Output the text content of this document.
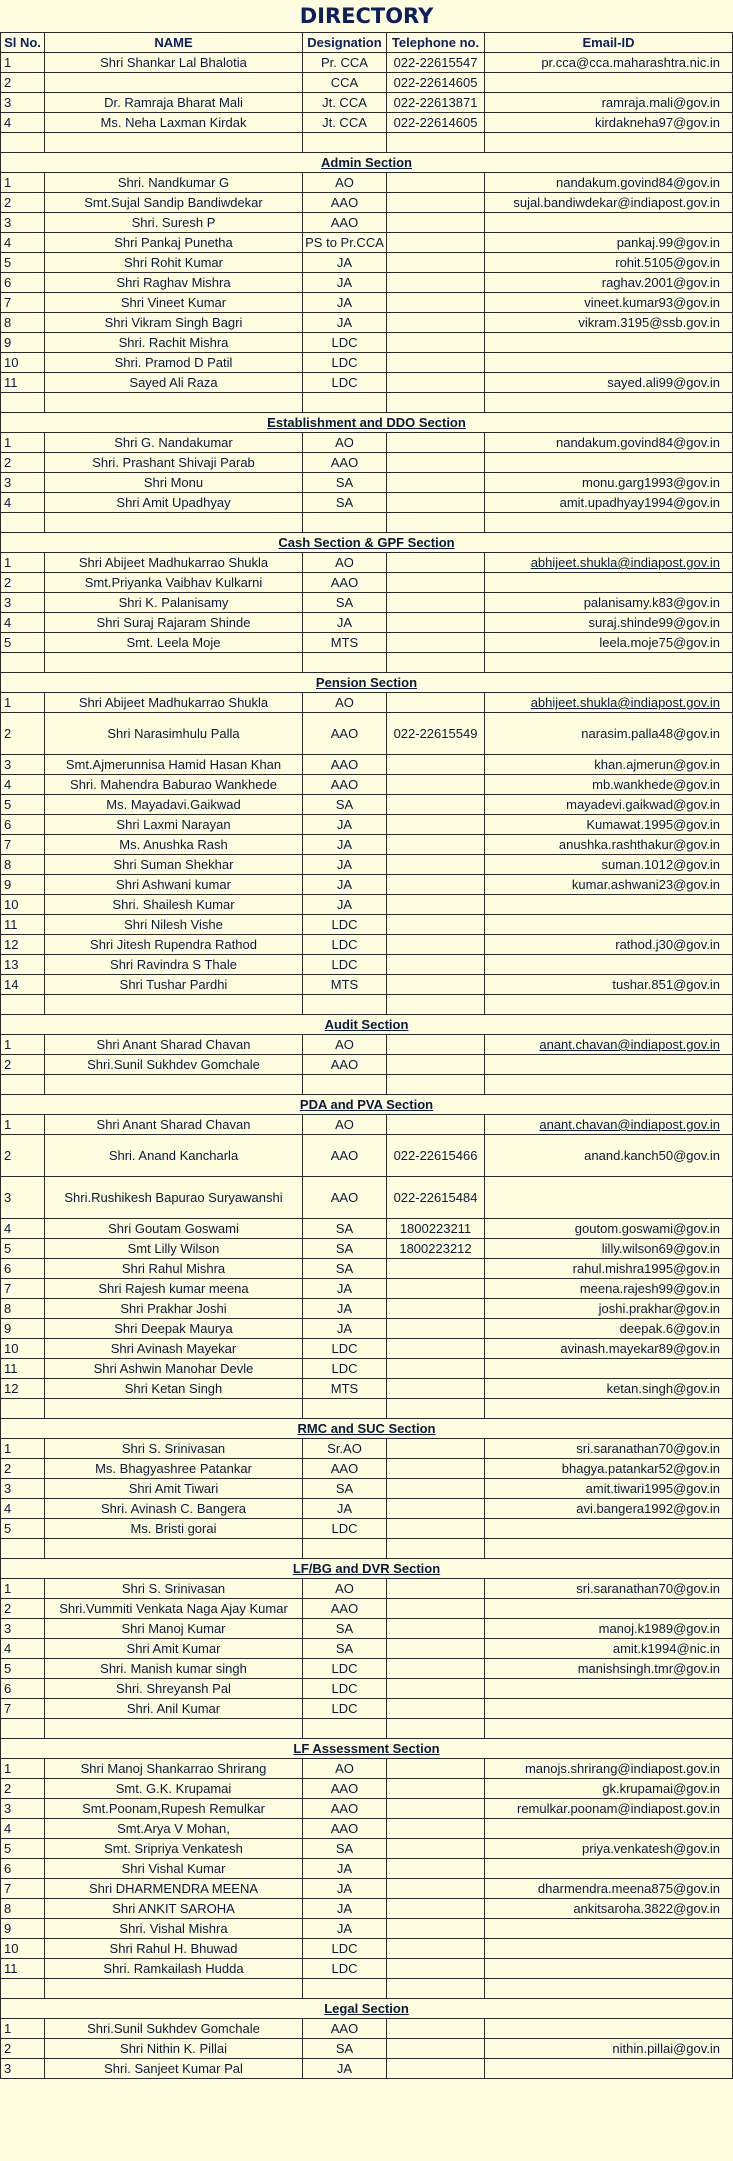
DIRECTORY
Sl No.	NAME	Designation	Telephone no.	Email-ID
1	Shri Shankar Lal Bhalotia	Pr. CCA	022-22615547	pr.cca@cca.maharashtra.nic.in
2		CCA	022-22614605	
3	Dr. Ramraja Bharat Mali	Jt. CCA	022-22613871	ramraja.mali@gov.in
4	Ms. Neha Laxman Kirdak	Jt. CCA	022-22614605	kirdakneha97@gov.in

Admin Section				
1	Shri. Nandkumar G	AO		nandakum.govind84@gov.in
2	Smt.Sujal Sandip Bandiwdekar	AAO		sujal.bandiwdekar@indiapost.gov.in
3	Shri. Suresh P	AAO		
4	Shri Pankaj Punetha	PS to Pr.CCA		pankaj.99@gov.in
5	Shri Rohit Kumar	JA		rohit.5105@gov.in
6	Shri Raghav Mishra	JA		raghav.2001@gov.in
7	Shri Vineet Kumar	JA		vineet.kumar93@gov.in
8	Shri Vikram Singh Bagri	JA		vikram.3195@ssb.gov.in
9	Shri. Rachit Mishra	LDC		
10	Shri. Pramod D Patil	LDC		
11	Sayed Ali Raza	LDC		sayed.ali99@gov.in

Establishment and DDO Section				
1	Shri G. Nandakumar	AO		nandakum.govind84@gov.in
2	Shri. Prashant Shivaji Parab	AAO		
3	Shri Monu	SA		monu.garg1993@gov.in
4	Shri Amit Upadhyay	SA		amit.upadhyay1994@gov.in

Cash Section & GPF Section				
1	Shri Abijeet Madhukarrao Shukla	AO		abhijeet.shukla@indiapost.gov.in
2	Smt.Priyanka Vaibhav Kulkarni	AAO		
3	Shri K. Palanisamy	SA		palanisamy.k83@gov.in
4	Shri Suraj Rajaram Shinde	JA		suraj.shinde99@gov.in
5	Smt. Leela Moje	MTS		leela.moje75@gov.in

Pension Section				
1	Shri Abijeet Madhukarrao Shukla	AO		abhijeet.shukla@indiapost.gov.in
2	Shri Narasimhulu Palla	AAO	022-22615549	narasim.palla48@gov.in
3	Smt.Ajmerunnisa Hamid Hasan Khan	AAO		khan.ajmerun@gov.in
4	Shri. Mahendra Baburao Wankhede	AAO		mb.wankhede@gov.in
5	Ms. Mayadavi.Gaikwad	SA		mayadevi.gaikwad@gov.in
6	Shri Laxmi Narayan	JA		Kumawat.1995@gov.in
7	Ms. Anushka Rash	JA		anushka.rashthakur@gov.in
8	Shri Suman Shekhar	JA		suman.1012@gov.in
9	Shri Ashwani kumar	JA		kumar.ashwani23@gov.in
10	Shri. Shailesh Kumar	JA		
11	Shri Nilesh Vishe	LDC		
12	Shri Jitesh Rupendra Rathod	LDC		rathod.j30@gov.in
13	Shri Ravindra S Thale	LDC		
14	Shri Tushar Pardhi	MTS		tushar.851@gov.in

Audit Section				
1	Shri Anant Sharad Chavan	AO		anant.chavan@indiapost.gov.in
2	Shri.Sunil Sukhdev Gomchale	AAO		

PDA and PVA Section				
1	Shri Anant Sharad Chavan	AO		anant.chavan@indiapost.gov.in
2	Shri. Anand Kancharla	AAO	022-22615466	anand.kanch50@gov.in
3	Shri.Rushikesh Bapurao Suryawanshi	AAO	022-22615484	
4	Shri Goutam Goswami	SA	1800223211	goutom.goswami@gov.in
5	Smt Lilly Wilson	SA	1800223212	lilly.wilson69@gov.in
6	Shri Rahul Mishra	SA		rahul.mishra1995@gov.in
7	Shri Rajesh kumar meena	JA		meena.rajesh99@gov.in
8	Shri Prakhar Joshi	JA		joshi.prakhar@gov.in
9	Shri Deepak Maurya	JA		deepak.6@gov.in
10	Shri Avinash Mayekar	LDC		avinash.mayekar89@gov.in
11	Shri Ashwin Manohar Devle	LDC		
12	Shri Ketan Singh	MTS		ketan.singh@gov.in

RMC and SUC Section				
1	Shri S. Srinivasan	Sr.AO		sri.saranathan70@gov.in
2	Ms. Bhagyashree Patankar	AAO		bhagya.patankar52@gov.in
3	Shri Amit Tiwari	SA		amit.tiwari1995@gov.in
4	Shri. Avinash C. Bangera	JA		avi.bangera1992@gov.in
5	Ms. Bristi gorai	LDC		

LF/BG and DVR Section				
1	Shri S. Srinivasan	AO		sri.saranathan70@gov.in
2	Shri.Vummiti Venkata Naga Ajay Kumar	AAO		
3	Shri Manoj Kumar	SA		manoj.k1989@gov.in
4	Shri Amit Kumar	SA		amit.k1994@nic.in
5	Shri. Manish kumar singh	LDC		manishsingh.tmr@gov.in
6	Shri. Shreyansh Pal	LDC		
7	Shri. Anil Kumar	LDC		

LF Assessment Section				
1	Shri Manoj Shankarrao Shrirang	AO		manojs.shrirang@indiapost.gov.in
2	Smt. G.K. Krupamai	AAO		gk.krupamai@gov.in
3	Smt.Poonam,Rupesh Remulkar	AAO		remulkar.poonam@indiapost.gov.in
4	Smt.Arya V Mohan,	AAO		
5	Smt. Sripriya Venkatesh	SA		priya.venkatesh@gov.in
6	Shri Vishal Kumar	JA		
7	Shri DHARMENDRA MEENA	JA		dharmendra.meena875@gov.in
8	Shri ANKIT SAROHA	JA		ankitsaroha.3822@gov.in
9	Shri. Vishal Mishra	JA		
10	Shri Rahul H. Bhuwad	LDC		
11	Shri. Ramkailash Hudda	LDC		

Legal Section				
1	Shri.Sunil Sukhdev Gomchale	AAO		
2	Shri Nithin K. Pillai	SA		nithin.pillai@gov.in
3	Shri. Sanjeet Kumar Pal	JA		
